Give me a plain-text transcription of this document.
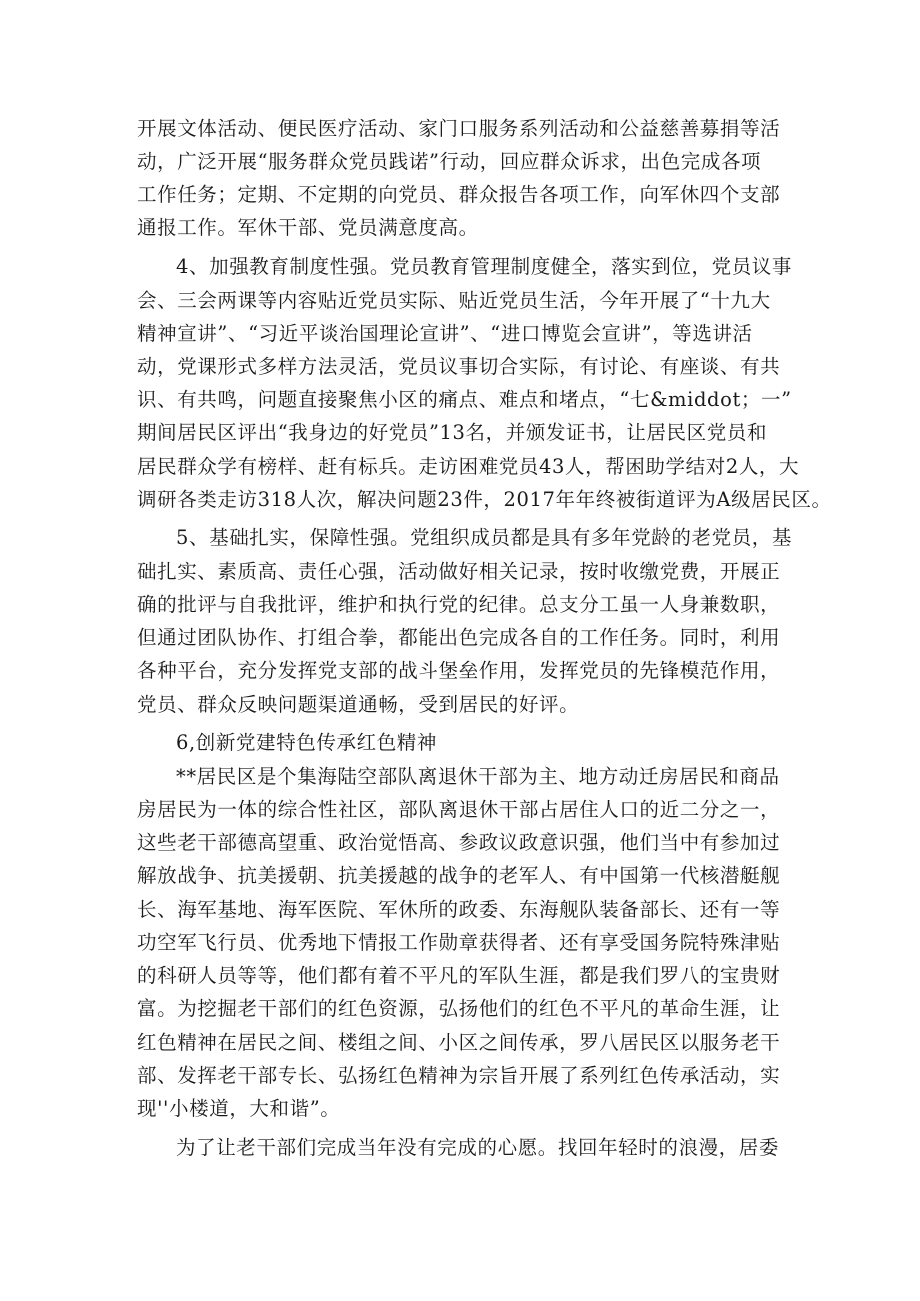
开展文体活动、便民医疗活动、家门口服务系列活动和公益慈善募捐等活
动，广泛开展“服务群众党员践诺”行动，回应群众诉求，出色完成各项
工作任务；定期、不定期的向党员、群众报告各项工作，向军休四个支部
通报工作。军休干部、党员满意度高。
4、加强教育制度性强。党员教育管理制度健全，落实到位，党员议事
会、三会两课等内容贴近党员实际、贴近党员生活，今年开展了“十九大
精神宣讲”、“习近平谈治国理论宣讲”、“进口博览会宣讲”，等选讲活
动，党课形式多样方法灵活，党员议事切合实际，有讨论、有座谈、有共
识、有共鸣，问题直接聚焦小区的痛点、难点和堵点，“七&middot；一”
期间居民区评出“我身边的好党员”13名，并颁发证书，让居民区党员和
居民群众学有榜样、赶有标兵。走访困难党员43人，帮困助学结对2人，大
调研各类走访318人次，解决问题23件，2017年年终被街道评为A级居民区。
5、基础扎实，保障性强。党组织成员都是具有多年党龄的老党员，基
础扎实、素质高、责任心强，活动做好相关记录，按时收缴党费，开展正
确的批评与自我批评，维护和执行党的纪律。总支分工虽一人身兼数职，
但通过团队协作、打组合拳，都能出色完成各自的工作任务。同时，利用
各种平台，充分发挥党支部的战斗堡垒作用，发挥党员的先锋模范作用，
党员、群众反映问题渠道通畅，受到居民的好评。
6,创新党建特色传承红色精神
**居民区是个集海陆空部队离退休干部为主、地方动迁房居民和商品
房居民为一体的综合性社区，部队离退休干部占居住人口的近二分之一，
这些老干部德高望重、政治觉悟高、参政议政意识强，他们当中有参加过
解放战争、抗美援朝、抗美援越的战争的老军人、有中国第一代核潜艇舰
长、海军基地、海军医院、军休所的政委、东海舰队装备部长、还有一等
功空军飞行员、优秀地下情报工作勋章获得者、还有享受国务院特殊津贴
的科研人员等等，他们都有着不平凡的军队生涯，都是我们罗八的宝贵财
富。为挖掘老干部们的红色资源，弘扬他们的红色不平凡的革命生涯，让
红色精神在居民之间、楼组之间、小区之间传承，罗八居民区以服务老干
部、发挥老干部专长、弘扬红色精神为宗旨开展了系列红色传承活动，实
现''小楼道，大和谐”。
为了让老干部们完成当年没有完成的心愿。找回年轻时的浪漫，居委
